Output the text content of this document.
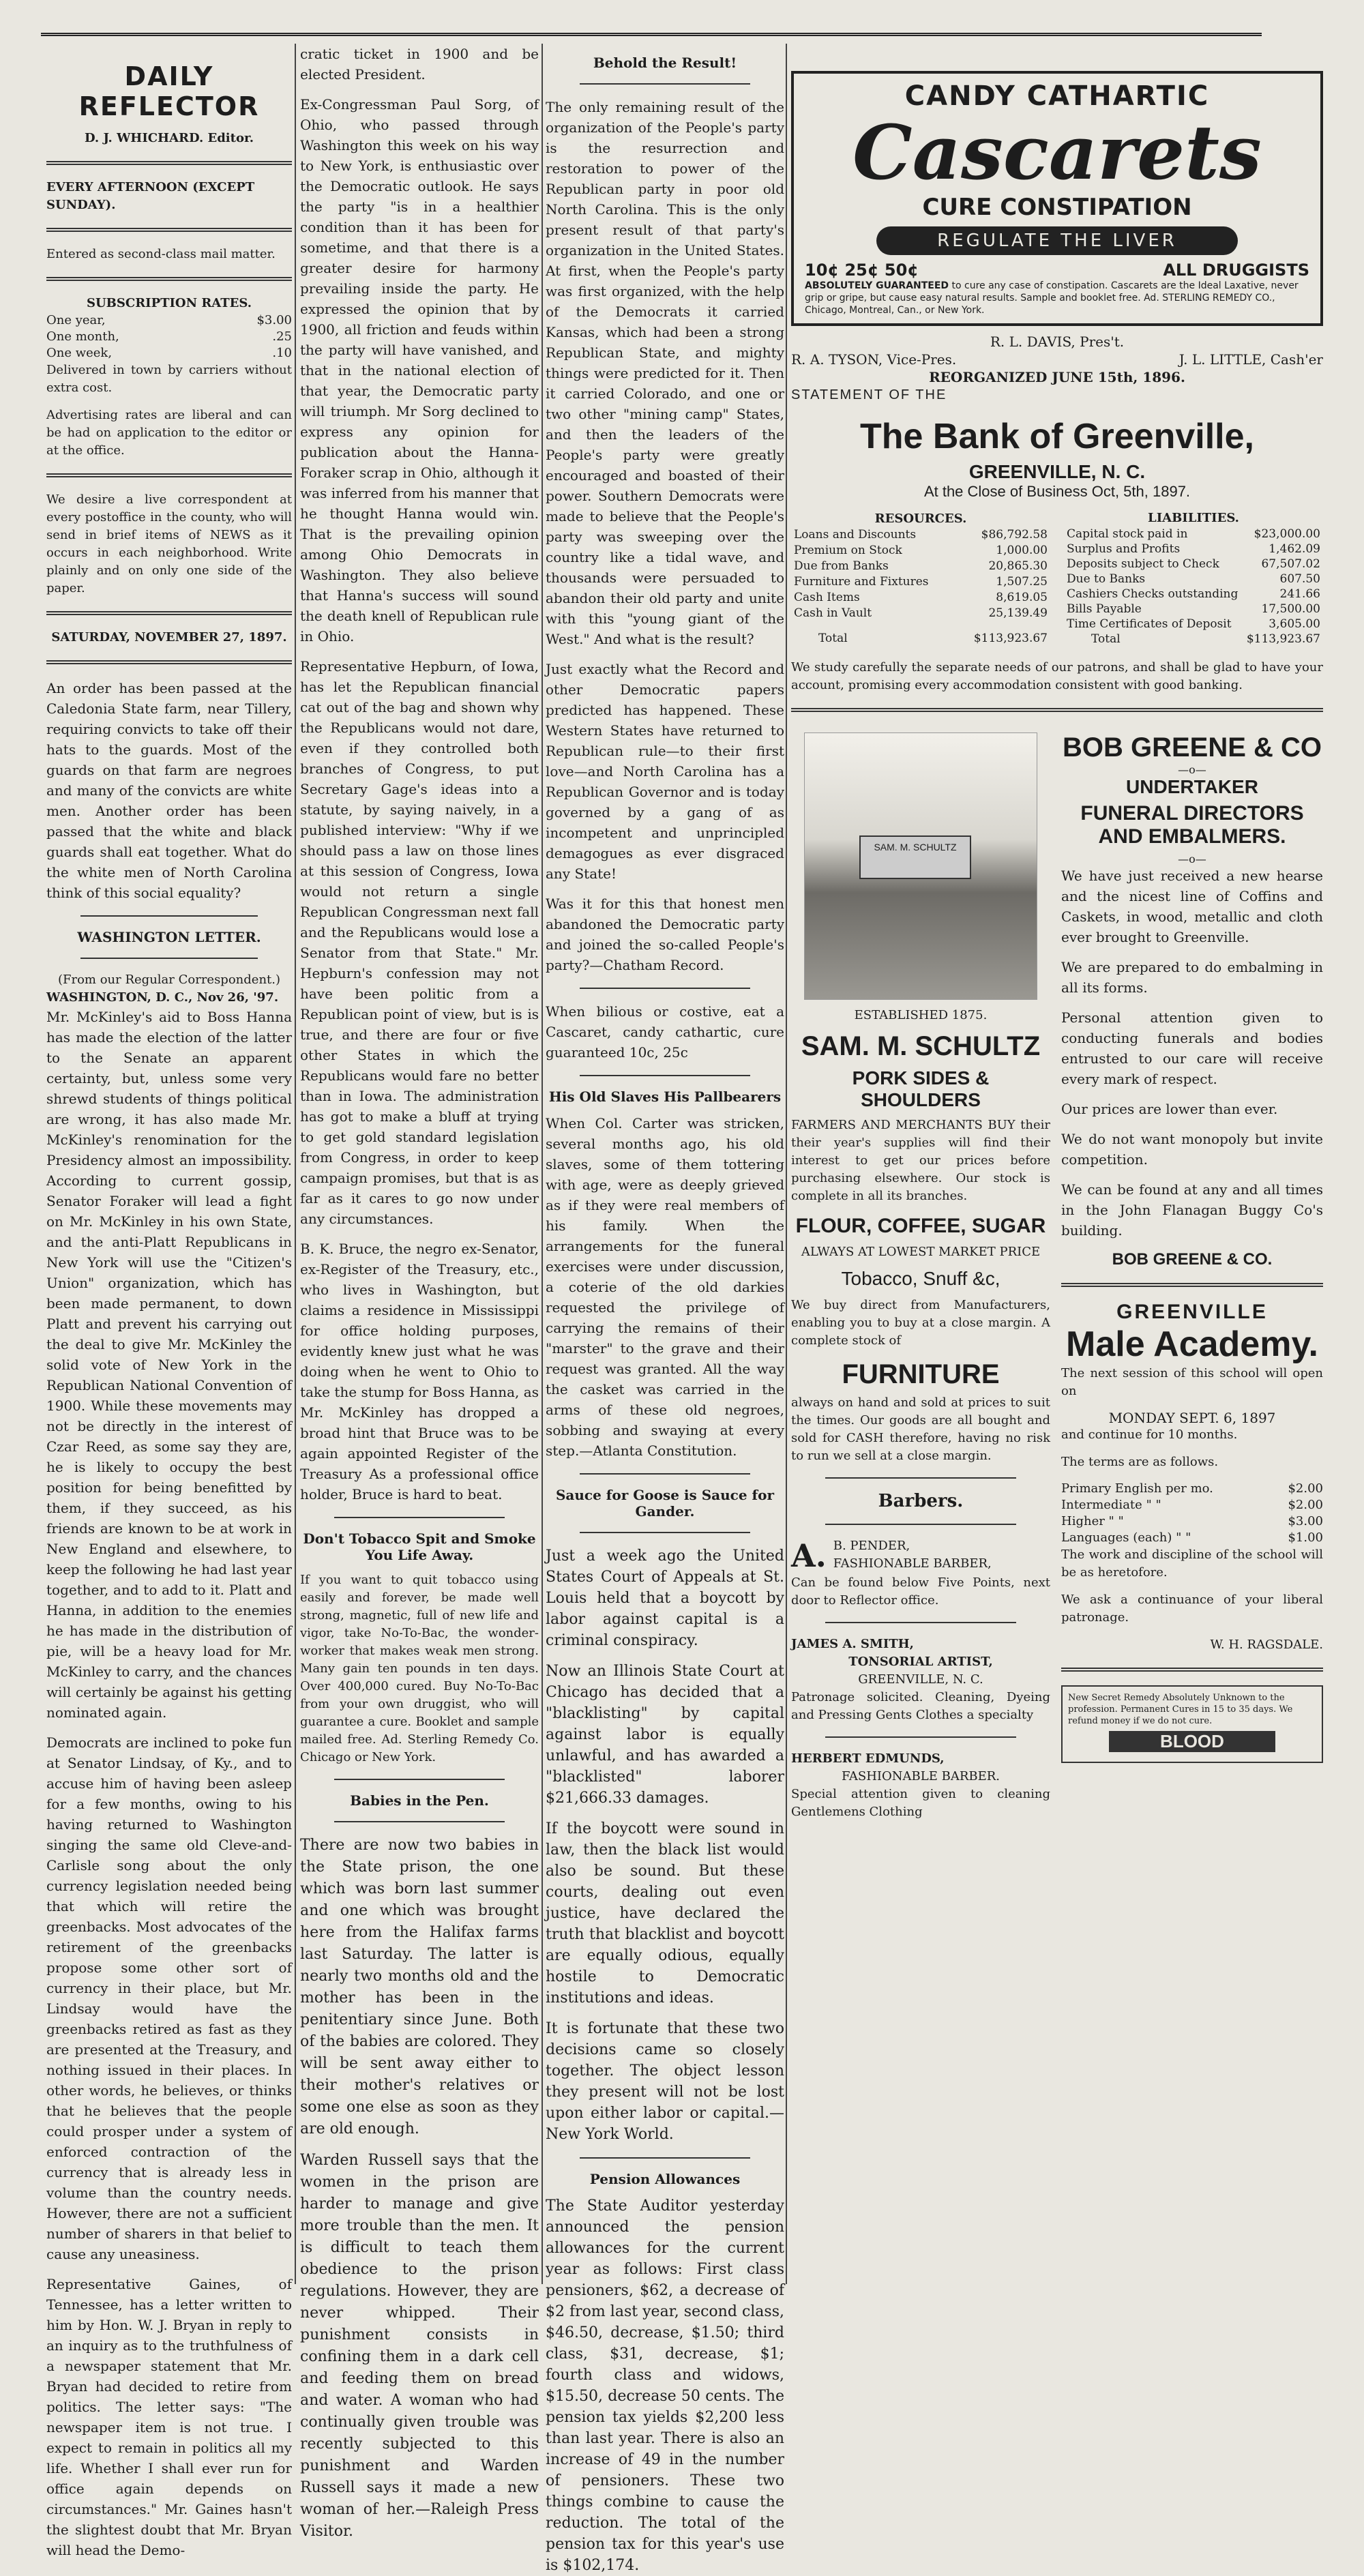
DAILY REFLECTOR
D. J. WHICHARD. Editor.
EVERY AFTERNOON (EXCEPT SUNDAY).
Entered as second-class mail matter.
SUBSCRIPTION RATES.
One year,	$3.00
One month,	.25
One week,	.10

Delivered in town by carriers without extra cost.

Advertising rates are liberal and can be had on application to the editor or at the office.

We desire a live correspondent at every postoffice in the county, who will send in brief items of NEWS as it occurs in each neighborhood. Write plainly and on only one side of the paper.

SATURDAY, NOVEMBER 27, 1897.

An order has been passed at the Caledonia State farm, near Tillery, requiring convicts to take off their hats to the guards. Most of the guards on that farm are negroes and many of the convicts are white men. Another order has been passed that the white and black guards shall eat together. What do the white men of North Carolina think of this social equality?

WASHINGTON LETTER.
(From our Regular Correspondent.)
WASHINGTON, D. C., Nov 26, '97.

Mr. McKinley's aid to Boss Hanna has made the election of the latter to the Senate an apparent certainty, but, unless some very shrewd students of things political are wrong, it has also made Mr. McKinley's renomination for the Presidency almost an impossibility. According to current gossip, Senator Foraker will lead a fight on Mr. McKinley in his own State, and the anti-Platt Republicans in New York will use the "Citizen's Union" organization, which has been made permanent, to down Platt and prevent his carrying out the deal to give Mr. McKinley the solid vote of New York in the Republican National Convention of 1900. While these movements may not be directly in the interest of Czar Reed, as some say they are, he is likely to occupy the best position for being benefitted by them, if they succeed, as his friends are known to be at work in New England and elsewhere, to keep the following he had last year together, and to add to it. Platt and Hanna, in addition to the enemies he has made in the distribution of pie, will be a heavy load for Mr. McKinley to carry, and the chances will certainly be against his getting nominated again.

Democrats are inclined to poke fun at Senator Lindsay, of Ky., and to accuse him of having been asleep for a few months, owing to his having returned to Washington singing the same old Cleve-and-Carlisle song about the only currency legislation needed being that which will retire the greenbacks. Most advocates of the retirement of the greenbacks propose some other sort of currency in their place, but Mr. Lindsay would have the greenbacks retired as fast as they are presented at the Treasury, and nothing issued in their places. In other words, he believes, or thinks that he believes that the people could prosper under a system of enforced contraction of the currency that is already less in volume than the country needs. However, there are not a sufficient number of sharers in that belief to cause any uneasiness.

Representative Gaines, of Tennessee, has a letter written to him by Hon. W. J. Bryan in reply to an inquiry as to the truthfulness of a newspaper statement that Mr. Bryan had decided to retire from politics. The letter says: "The newspaper item is not true. I expect to remain in politics all my life. Whether I shall ever run for office again depends on circumstances." Mr. Gaines hasn't the slightest doubt that Mr. Bryan will head the Demo-

cratic ticket in 1900 and be elected President.

Ex-Congressman Paul Sorg, of Ohio, who passed through Washington this week on his way to New York, is enthusiastic over the Democratic outlook. He says the party "is in a healthier condition than it has been for sometime, and that there is a greater desire for harmony prevailing inside the party. He expressed the opinion that by 1900, all friction and feuds within the party will have vanished, and that in the national election of that year, the Democratic party will triumph. Mr Sorg declined to express any opinion for publication about the Hanna-Foraker scrap in Ohio, although it was inferred from his manner that he thought Hanna would win. That is the prevailing opinion among Ohio Democrats in Washington. They also believe that Hanna's success will sound the death knell of Republican rule in Ohio.

Representative Hepburn, of Iowa, has let the Republican financial cat out of the bag and shown why the Republicans would not dare, even if they controlled both branches of Congress, to put Secretary Gage's ideas into a statute, by saying naively, in a published interview: "Why if we should pass a law on those lines at this session of Congress, Iowa would not return a single Republican Congressman next fall and the Republicans would lose a Senator from that State." Mr. Hepburn's confession may not have been politic from a Republican point of view, but is is true, and there are four or five other States in which the Republicans would fare no better than in Iowa. The administration has got to make a bluff at trying to get gold standard legislation from Congress, in order to keep campaign promises, but that is as far as it cares to go now under any circumstances.

B. K. Bruce, the negro ex-Senator, ex-Register of the Treasury, etc., who lives in Washington, but claims a residence in Mississippi for office holding purposes, evidently knew just what he was doing when he went to Ohio to take the stump for Boss Hanna, as Mr. McKinley has dropped a broad hint that Bruce was to be again appointed Register of the Treasury As a professional office holder, Bruce is hard to beat.

Don't Tobacco Spit and Smoke You Life Away.

If you want to quit tobacco using easily and forever, be made well strong, magnetic, full of new life and vigor, take No-To-Bac, the wonder-worker that makes weak men strong. Many gain ten pounds in ten days. Over 400,000 cured. Buy No-To-Bac from your own druggist, who will guarantee a cure. Booklet and sample mailed free. Ad. Sterling Remedy Co. Chicago or New York.

Babies in the Pen.

There are now two babies in the State prison, the one which was born last summer and one which was brought here from the Halifax farms last Saturday. The latter is nearly two months old and the mother has been in the penitentiary since June. Both of the babies are colored. They will be sent away either to their mother's relatives or some one else as soon as they are old enough.

Warden Russell says that the women in the prison are harder to manage and give more trouble than the men. It is difficult to teach them obedience to the prison regulations. However, they are never whipped. Their punishment consists in confining them in a dark cell and feeding them on bread and water. A woman who had continually given trouble was recently subjected to this punishment and Warden Russell says it made a new woman of her.—Raleigh Press Visitor.

Behold the Result!

The only remaining result of the organization of the People's party is the resurrection and restoration to power of the Republican party in poor old North Carolina. This is the only present result of that party's organization in the United States. At first, when the People's party was first organized, with the help of the Democrats it carried Kansas, which had been a strong Republican State, and mighty things were predicted for it. Then it carried Colorado, and one or two other "mining camp" States, and then the leaders of the People's party were greatly encouraged and boasted of their power. Southern Democrats were made to believe that the People's party was sweeping over the country like a tidal wave, and thousands were persuaded to abandon their old party and unite with this "young giant of the West." And what is the result?

Just exactly what the Record and other Democratic papers predicted has happened. These Western States have returned to Republican rule—to their first love—and North Carolina has a Republican Governor and is today governed by a gang of as incompetent and unprincipled demagogues as ever disgraced any State!

Was it for this that honest men abandoned the Democratic party and joined the so-called People's party?—Chatham Record.

When bilious or costive, eat a Cascaret, candy cathartic, cure guaranteed 10c, 25c

His Old Slaves His Pallbearers

When Col. Carter was stricken, several months ago, his old slaves, some of them tottering with age, were as deeply grieved as if they were real members of his family. When the arrangements for the funeral exercises were under discussion, a coterie of the old darkies requested the privilege of carrying the remains of their "marster" to the grave and their request was granted. All the way the casket was carried in the arms of these old negroes, sobbing and swaying at every step.—Atlanta Constitution.

Sauce for Goose is Sauce for Gander.

Just a week ago the United States Court of Appeals at St. Louis held that a boycott by labor against capital is a criminal conspiracy.

Now an Illinois State Court at Chicago has decided that a "blacklisting" by capital against labor is equally unlawful, and has awarded a "blacklisted" laborer $21,666.33 damages.

If the boycott were sound in law, then the black list would also be sound. But these courts, dealing out even justice, have declared the truth that blacklist and boycott are equally odious, equally hostile to Democratic institutions and ideas.

It is fortunate that these two decisions came so closely together. The object lesson they present will not be lost upon either labor or capital.—New York World.

Pension Allowances

The State Auditor yesterday announced the pension allowances for the current year as follows: First class pensioners, $62, a decrease of $2 from last year, second class, $46.50, decrease, $1.50; third class, $31, decrease, $1; fourth class and widows, $15.50, decrease 50 cents. The pension tax yields $2,200 less than last year. There is also an increase of 49 in the number of pensioners. These two things combine to cause the reduction. The total of the pension tax for this year's use is $102,174.

CANDY CATHARTIC
Cascarets
CURE CONSTIPATION
REGULATE THE LIVER
10¢ 25¢ 50¢	ALL DRUGGISTS
ABSOLUTELY GUARANTEED to cure any case of constipation. Cascarets are the Ideal Laxative, never grip or gripe, but cause easy natural results. Sample and booklet free. Ad. STERLING REMEDY CO., Chicago, Montreal, Can., or New York.
R. L. DAVIS, Pres't.
R. A. TYSON, Vice-Pres.	J. L. LITTLE, Cash'er
REORGANIZED JUNE 15th, 1896.
STATEMENT OF THE
The Bank of Greenville,
GREENVILLE, N. C.
At the Close of Business Oct, 5th, 1897.
RESOURCES.	
Loans and Discounts	$86,792.58
Premium on Stock	1,000.00
Due from Banks	20,865.30
Furniture and Fixtures	1,507.25
Cash Items	8,619.05
Cash in Vault	25,139.49
Total	$113,923.67
LIABILITIES.	
Capital stock paid in	$23,000.00
Surplus and Profits	1,462.09
Deposits subject to Check	67,507.02
Due to Banks	607.50
Cashiers Checks outstanding	241.66
Bills Payable	17,500.00
Time Certificates of Deposit	3,605.00
Total	$113,923.67

We study carefully the separate needs of our patrons, and shall be glad to have your account, promising every accommodation consistent with good banking.

SAM. M. SCHULTZ
ESTABLISHED 1875.
SAM. M. SCHULTZ
PORK SIDES & SHOULDERS

FARMERS AND MERCHANTS BUY their their year's supplies will find their interest to get our prices before purchasing elsewhere. Our stock is complete in all its branches.

FLOUR, COFFEE, SUGAR
ALWAYS AT LOWEST MARKET PRICE
Tobacco, Snuff &c,

We buy direct from Manufacturers, enabling you to buy at a close margin. A complete stock of

FURNITURE

always on hand and sold at prices to suit the times. Our goods are all bought and sold for CASH therefore, having no risk to run we sell at a close margin.

Barbers.
A. B. PENDER,
FASHIONABLE BARBER,

Can be found below Five Points, next door to Reflector office.

JAMES A. SMITH,
TONSORIAL ARTIST,
GREENVILLE, N. C.

Patronage solicited. Cleaning, Dyeing and Pressing Gents Clothes a specialty

HERBERT EDMUNDS,
FASHIONABLE BARBER.

Special attention given to cleaning Gentlemens Clothing

BOB GREENE & CO
—o—
UNDERTAKER
FUNERAL DIRECTORS AND EMBALMERS.
—o—

We have just received a new hearse and the nicest line of Coffins and Caskets, in wood, metallic and cloth ever brought to Greenville.

We are prepared to do embalming in all its forms.

Personal attention given to conducting funerals and bodies entrusted to our care will receive every mark of respect.

Our prices are lower than ever.

We do not want monopoly but invite competition.

We can be found at any and all times in the John Flanagan Buggy Co's building.

BOB GREENE & CO.
GREENVILLE
Male Academy.

The next session of this school will open on

MONDAY SEPT. 6, 1897

and continue for 10 months.

The terms are as follows.

Primary English per mo.	$2.00
Intermediate " "	$2.00
Higher " "	$3.00
Languages (each) " "	$1.00

The work and discipline of the school will be as heretofore.

We ask a continuance of your liberal patronage.

W. H. RAGSDALE.
New Secret Remedy Absolutely Unknown to the profession. Permanent Cures in 15 to 35 days. We refund money if we do not cure.
BLOOD
